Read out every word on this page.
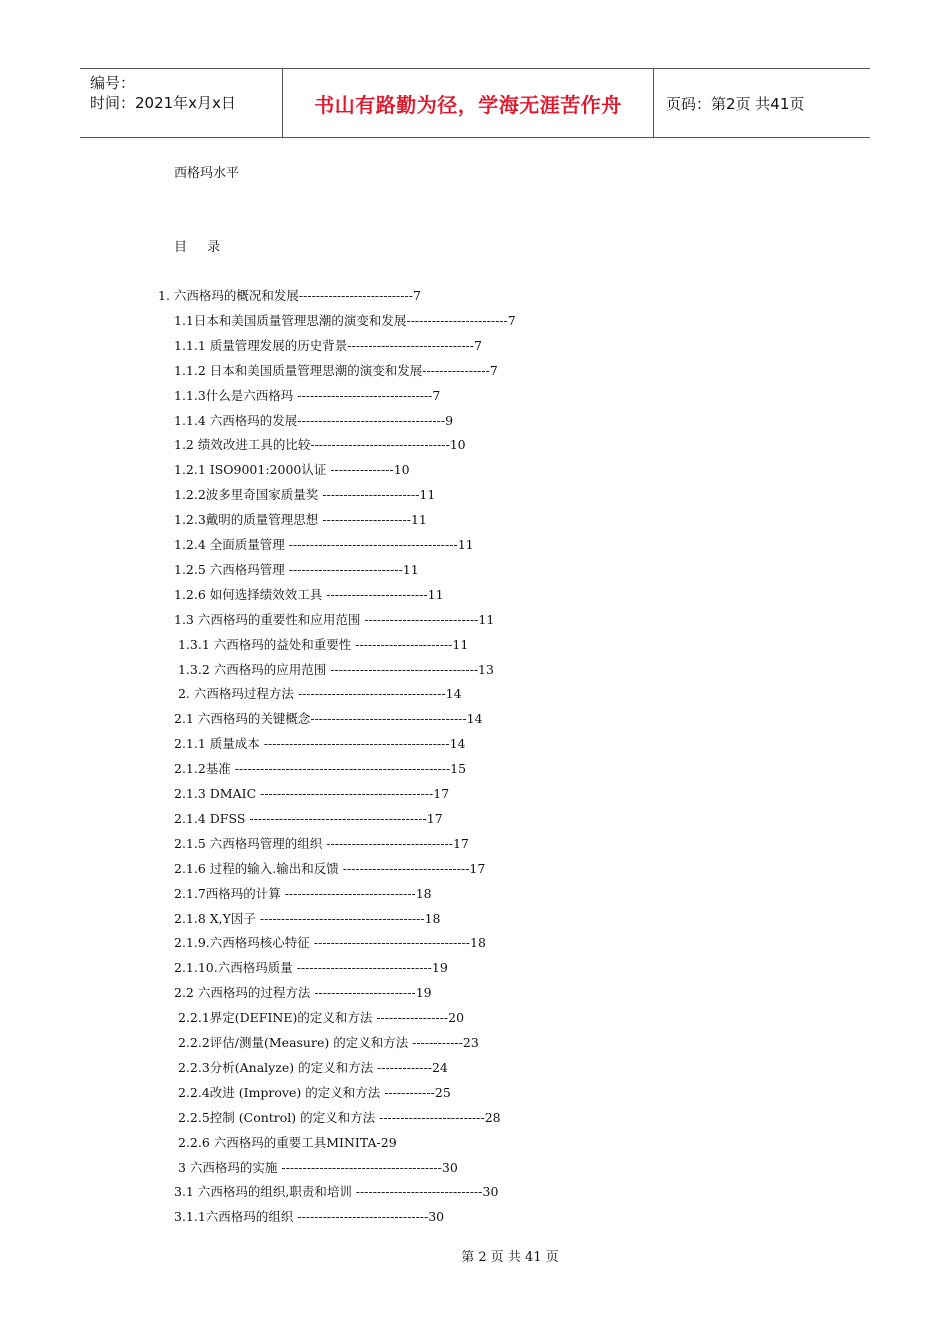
编号：
时间：2021年x月x日	书山有路勤为径，学海无涯苦作舟	页码：第2页 共41页
西格玛水平
目 录
1. 六西格玛的概况和发展---------------------------7
1.1日本和美国质量管理思潮的演变和发展------------------------7
1.1.1 质量管理发展的历史背景------------------------------7
1.1.2 日本和美国质量管理思潮的演变和发展----------------7
1.1.3什么是六西格玛 --------------------------------7
1.1.4 六西格玛的发展-----------------------------------9
1.2 绩效改进工具的比较---------------------------------10
1.2.1 ISO9001:2000认证 ---------------10
1.2.2波多里奇国家质量奖 -----------------------11
1.2.3戴明的质量管理思想 ---------------------11
1.2.4 全面质量管理 ----------------------------------------11
1.2.5 六西格玛管理 ---------------------------11
1.2.6 如何选择绩效效工具 ------------------------11
1.3 六西格玛的重要性和应用范围 ---------------------------11
1.3.1 六西格玛的益处和重要性 -----------------------11
1.3.2 六西格玛的应用范围 -----------------------------------13
2. 六西格玛过程方法 -----------------------------------14
2.1 六西格玛的关键概念-------------------------------------14
2.1.1 质量成本 --------------------------------------------14
2.1.2基准 ---------------------------------------------------15
2.1.3 DMAIC -----------------------------------------17
2.1.4 DFSS ------------------------------------------17
2.1.5 六西格玛管理的组织 ------------------------------17
2.1.6 过程的输入.输出和反馈 ------------------------------17
2.1.7西格玛的计算 -------------------------------18
2.1.8 X,Y因子 ---------------------------------------18
2.1.9.六西格玛核心特征 -------------------------------------18
2.1.10.六西格玛质量 --------------------------------19
2.2 六西格玛的过程方法 ------------------------19
2.2.1界定(DEFINE)的定义和方法 -----------------20
2.2.2评估/测量(Measure) 的定义和方法 ------------23
2.2.3分析(Analyze) 的定义和方法 -------------24
2.2.4改进 (Improve) 的定义和方法 ------------25
2.2.5控制 (Control) 的定义和方法 -------------------------28
2.2.6 六西格玛的重要工具MINITA-29
3 六西格玛的实施 --------------------------------------30
3.1 六西格玛的组织,职责和培训 ------------------------------30
3.1.1六西格玛的组织 -------------------------------30
第 2 页 共 41 页
